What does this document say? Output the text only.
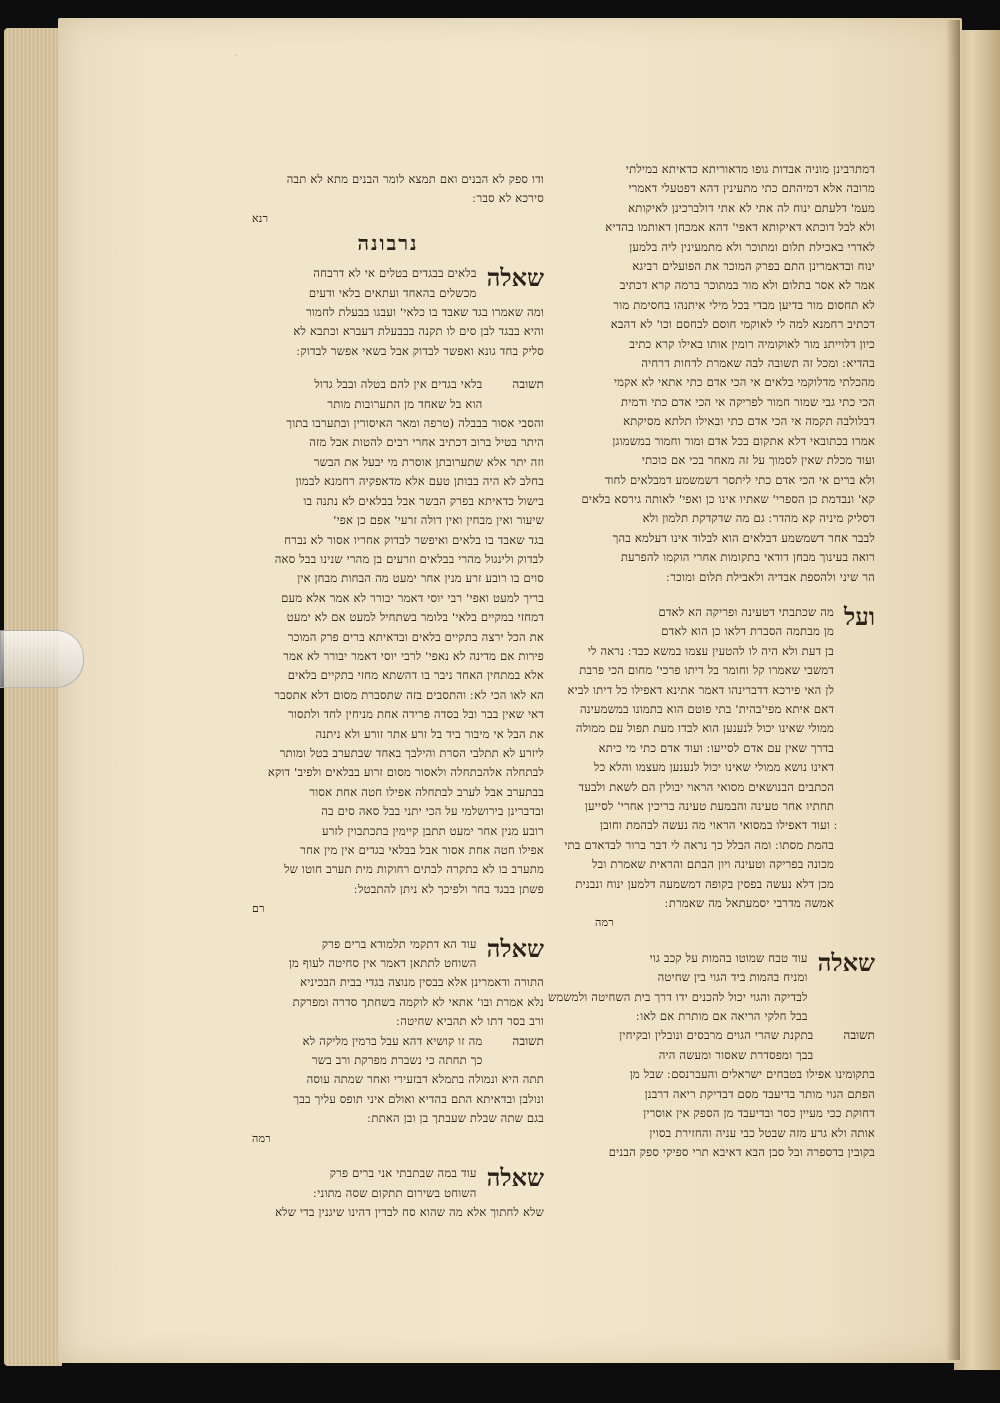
דמתרבינן מוניה אבדות גופו מדאוריתא כדאיתא במילתי
מרובה אלא דמיהתם כתי מתעינין דהא דפטעלי דאמרי
מעמ' דלעתם ינוח לה אתי לא אתי דולברכינן לאיקותא
ולא לבל דוכתא דאיקותא דאפי' דהא אמכחן דאותמו בהדיא
לאדרי באכילת תלום ומתוכר ולא מתמעינין ליה בלמען
ינוח ובדאמרינן התם בפרק המוכר את הפועלים רביגא
אמר לא אסר בתלום ולא מור במתוכר ברמה קרא דכתיב
לא תחסום מור בדיען מבדי בכל מילי איתנהו בחסימת מור
דכתיב רחמנא למה לי לאוקמי חוסם לבחסם וכו' לא דהבא
כיון דלוייתנ מור לאוקומיה רומין אותו באילו קרא כתיב
בהדיא ׃ ומכל זה תשובה לבה שאמרת לדחות דרחיה
מהכלתי מדלוקמי בלאים אי הכי אדם כתי אתאי לא אקמי
הכי כתי גבי שמור חמור לפריקה אי הכי אדם כתי ודמית
דבלולבה תקמה אי הכי אדם כתי ובאילו תלתא מסיקתא
אמרו בכתובאי דלא אתקום בכל אדם ומור וחמור במשמוגן
ועוד מכלת שאין לסמוך על זה מאחר בכי אם כוכתי
ולא ברים אי הכי אדם כתי ליתסר דשמשמע דמבלאים לחוד
קא' ונבדמת כן הספרי' שאתיו אינו כן ואפי' לאותה גירסא בלאים
דסליק מיניה קא מהדר ׃ גם מה שדקדקת תלמון ולא
לבבר אחר דשמשמע דבלאים הוא לבלוד אינו דעלמא בהך
רואה בעינוך מבחן דודאי בתקומות אחרי הוקמו להפרעת
הר שיני ולהספת אבדיה ולאבילת תלום ומוכר ׃
ועל
מה שכתבתי דטעינה ופריקה הא לאדם
מן מבתמה הסברת דלאו כן הוא לאדם
בן דעת ולא היה לו להטעין עצמו במשא כבד ׃ נראה לי
דמשבי שאמרו קל וחומר בל דיתו פרכי' מחום הכי פרבת
לן האי פירכא דדברינהו דאמר אתינא דאפילו כל דיתו לביא
דאם איתא מפי'בהית' בתי פוטם הוא בתמונו במשמעינה
ממולי שאינו יכול לנענען הוא לבדו מעת תפול עם ממולה
בדרך שאין עם אדם לסייעו ׃ ועוד אדם כתי מי כיתא
דאינו נושא ממולי שאינו יכול לנענען מעצמו והלא כל
הכתבים הבנושאים מסואי הראוי יבולין הם לשאת ולבעד
תחתיו אחר טעינה והבמעת טעינה בריכין אחרי' לסייען
׃ ועוד דאפילו במסואי הראוי מה נעשה לבהמת וחובן
בהמת מסתו ׃ ומה הבלל כך נראה לי דבר ברור לבדאדם בתי
מכונה בפריקה וטעינה ויון הבתם והראית שאמרת ובל
מכן דלא נעשה בפסין בקופה דמשמעה דלמען ינוח ונבנית
אמשה מדרבי יסמעתאל מה שאמרת ׃
רמה
שאלה
עוד טבח שמוטו בהמות על קכב גוי
ומניח בהמות ביד הגוי בין שחיטה
לבדיקה והגוי יכול להכנים ידו דרך בית השחיטה ולמשמש
בבל חלקי הריאה אם מותרת אם לאו ׃
תשובה
בתקנת שהרי הגוים מרבסים ונובלין ובקיחין
בבך ומפסדרת שאסור ומעשה היה
בתקומינו אפילו בטבחים ישראלים והעברנסם ׃ שבל מן
הפתם הגוי מותר בדיעבד מסם דבדיקת ריאה דרבנן
דחוקת ככי מעיין כסר ובדיעבד מן הספק אין אוסרין
אותה ולא גרע מזה שבטל כבי עניה והחזירת בסוין
בקובין בדספרה ובל סבן הבא דאיבא תרי ספיקי ספק הבנים
ודו ספק לא הבנים ואם תמצא לומר הבנים מתא לא תבה
סירכא לא סבר ׃
רנא
נרבונה
שאלה
בלאים בבגדים בטלים אי לא דרבחה
מכשלים בהאחד ועתאים בלאי ודעים
ומה שאמרו בגד שאבד בו כלאי' ועבגו בבעלת לחמור
והיא בבגד לבן סים לו תקנה בבבעלת דעברא וכתבא לא
סליק בחד גונא ואפשר לבדוק אבל בשאי אפשר לבדוק ׃
תשובה
בלאי בגדים אין להם בטלה ובבל גדול
הוא בל שאחד מן התערובות מותר
והסבי אסור בבבלה (טרפה ומאר האיסורין ובתערבו בתוך
היתר בטיל ברוב דכתיב אחרי רבים להטות אבל מזה
וזה יתר אלא שתערובתן אוסרת מי יבעל את הבשר
בחלב לא היה בבותן טעם אלא מדאפקיה רחמנא לבמון
בישול כדאיתא בפרק הבשר אבל בבלאים לא נתנה בו
שיעור ואין מבחין ואין דולה זרעי' אפם כן אפי'
בגד שאבד בו בלאים ואיפשר לבדוק אחריו אסור לא נברח
לבדוק ולינגול מהרי בבלאים וזרעים בן מהרי שנינו בבל סאה
סוים בו רובע זרע מנין אחר ימעט מה הבחות מבחן אין
בריך למעט ואפי' רבי יוסי דאמר יבורר לא אמר אלא מעם
דמחזי במקיים בלאי' בלומר בשתחיל למעט אם לא ימעט
את הכל ירצה בתקיים בלאים ובדאיתא ברים פרק המוכר
פירות אם מדינה לא נאפי' לרבי יוסי דאמר יבורר לא אמר
אלא במתחין האחד ניבר בו דהשתא מחזי בתקיים בלאים
הא לאו הכי לא ׃ והתסבים בזה שתסברת מסום דלא אתסבר
דאי שאין בבר ובל בסדה פרידה אחת מניחין לחד ולתסור
את הבל אי מיבור ביד בל זרע אתר זורע ולא ניתנה
ליזרע לא תתלבי הסרת והילבך באחד שבתערב בטל ומותר
לבתחלה אלהבתחלה ולאסור מסום זרוע בבלאים ולפיב' דוקא
בבתערב אבל לערב לבתחלה אפילו חטה אחת אסור
ובדברינן בירושלמי על הכי יתני בבל סאה סים בה
רובע מנין אחר ימעט תתבן קיימין בתכתבוין לזרע
אפילו חטה אחת אסור אבל בבלאי בגדים אין מין אחר
מתערב בו לא בתקרה לבתים רחוקות מית תערב חוטו של
פשתן בבגד בחר ולפיכך לא ניתן להתבטל ׃
רם
שאלה
עוד הא דתקמי תלמודא ברים פרק
השוחט לתתאן דאמר אין סחיטה לעוף מן
התורה ודאמרינן אלא בבסין מנוצה בגדי בבית הבכיניא
נלא אמרת ובו' אתאי לא לוקמה בשחתך סדרה ומפרקת
ורב בסר דתו לא תהביא שחיטה ׃
תשובה
מה זו קושיא דהא עבל ברמין מליקה לא
כך תחתה כי נשברת מפרקת ורב בשר
תתה היא ונמולה בתמלא דבזעירי ואחר שמתה עוסה
ונולבן ובדאיתא התם בהדיא ואולם איני תופס עליך בבך
בגם שתה שבלת שעבתך בן ובן האתת ׃
רמה
שאלה
עוד במה שבתבתי אני ברים פרק
השוחט בשירום תתקום שסה מתוני ׃
שלא לחתוך אלא מה שהוא סח לבדין דהינו שיגנין בדי שלא
